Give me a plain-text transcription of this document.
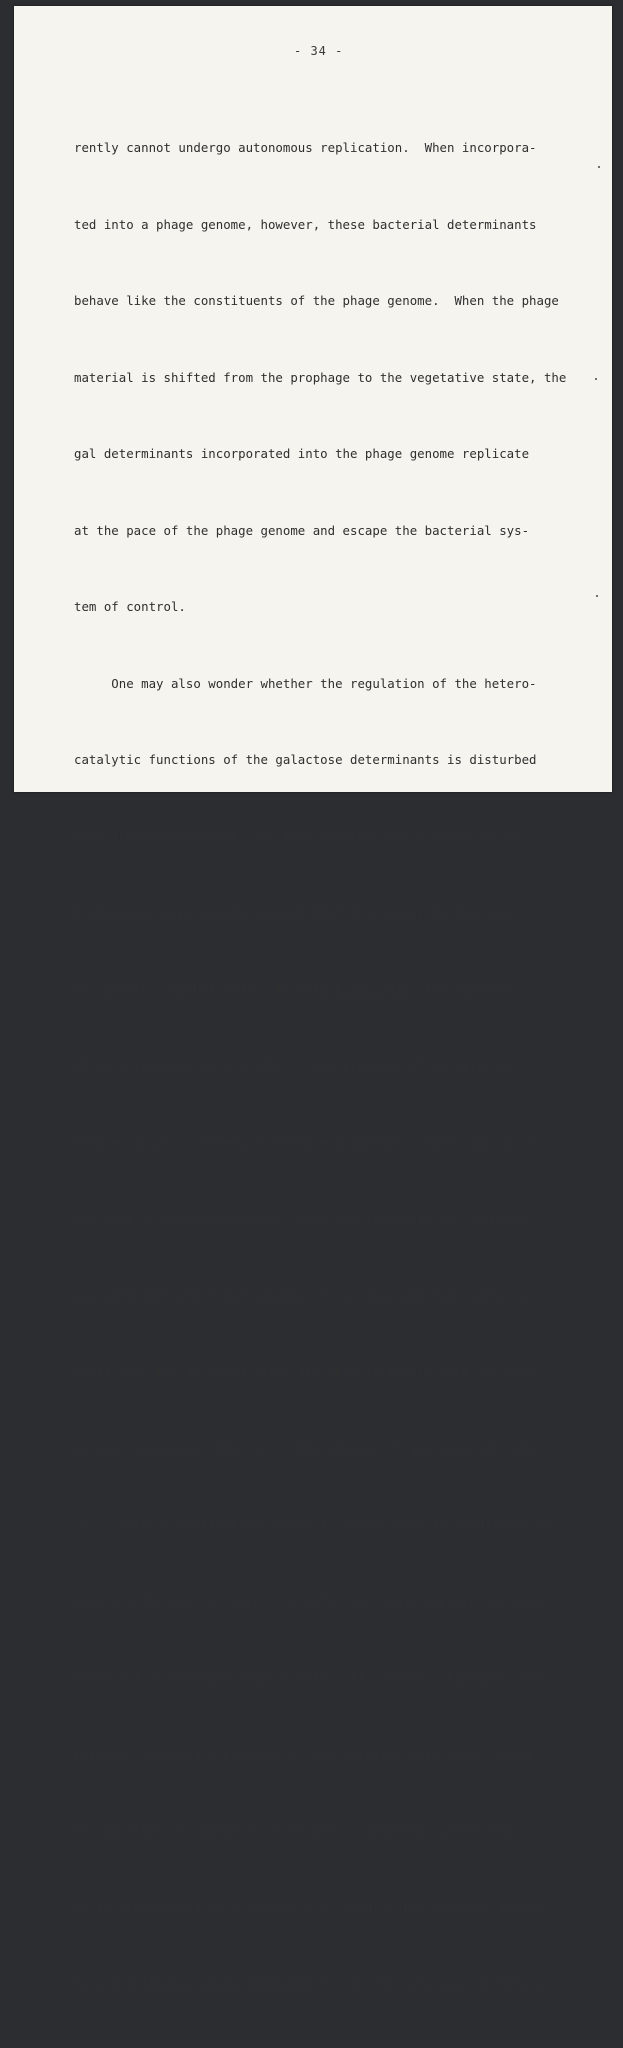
- 34 -

rently cannot undergo autonomous replication.  When incorpora-

ted into a phage genome, however, these bacterial determinants

behave like the constituents of the phage genome.  When the phage

material is shifted from the prophage to the vegetative state, the

gal determinants incorporated into the phage genome replicate

at the pace of the phage genome and escape the bacterial sys-

tem of control.

One may also wonder whether the regulation of the hetero-

catalytic functions of the galactose determinants is disturbed

when these determinants are incorporated into a phage genome.

Preliminary experiments suggest that this might be the case

(G. Buttin, unpublished).  In wild E.coli K12, the synthesis

of galactokinase occurs only in the presence of an external

inducer which is likely to release a specific repression as in

the case of β-galactosidase.  When non-lysogenic gal- mutants

are infected with λ-gal+ phages, it is observed that, after a

short lag, the infected cells are able to manufacture the enzy-

me constitutively, that is in the absence of any external indu-

cer.  Such a constitutive synthesis occurs even in conditions of

single infection, in which the defective λ-gal appears (cf Arber,

1958) not to multiply vegetatively.  If, however, lysogenic gal-

mutants, carrying a prophage λ, are infected with λ-gal+ phage,

no constitutive synthesis of enzyme is observed, unless the

cells are exposed to a dose of U.V. light which releases immuni-

ty and initiates phage development.  In the same way, in hetero-
